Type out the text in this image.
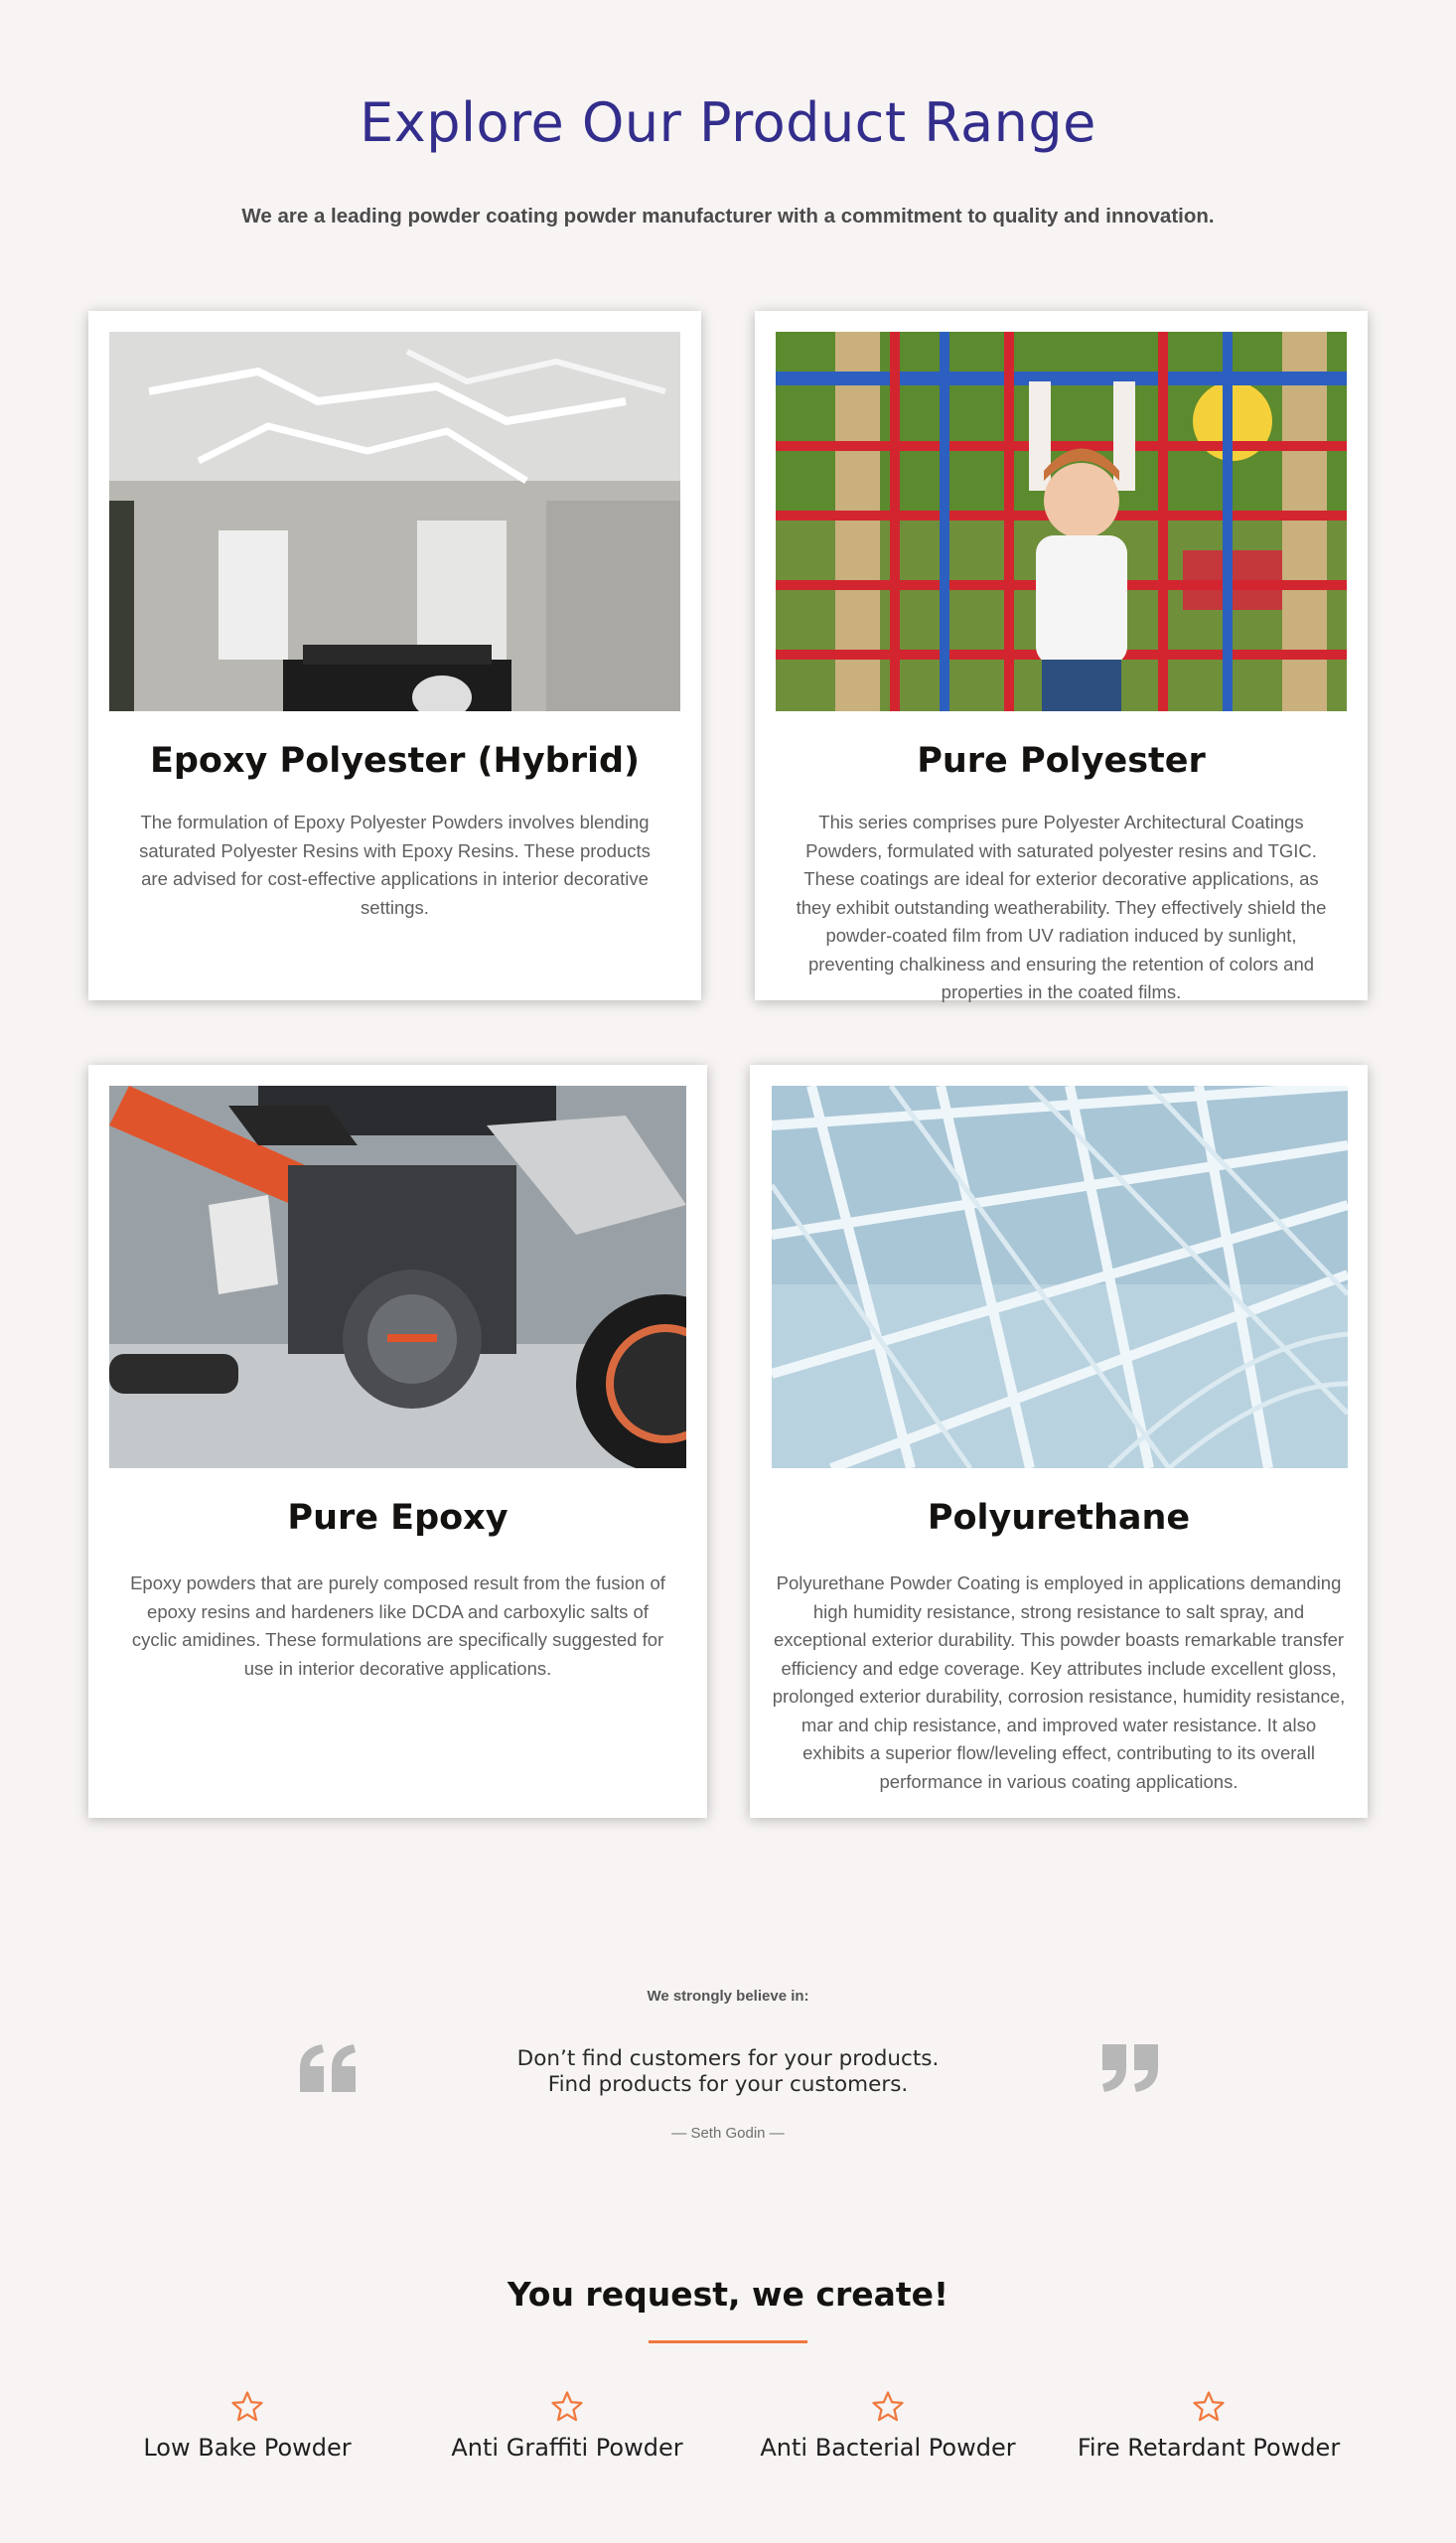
Explore Our Product Range
We are a leading powder coating powder manufacturer with a commitment to quality and innovation.
Epoxy Polyester (Hybrid)

The formulation of Epoxy Polyester Powders involves blending saturated Polyester Resins with Epoxy Resins. These products are advised for cost-effective applications in interior decorative settings.

Pure Polyester

This series comprises pure Polyester Architectural Coatings Powders, formulated with saturated polyester resins and TGIC. These coatings are ideal for exterior decorative applications, as they exhibit outstanding weatherability. They effectively shield the powder-coated film from UV radiation induced by sunlight, preventing chalkiness and ensuring the retention of colors and properties in the coated films.

Pure Epoxy

Epoxy powders that are purely composed result from the fusion of epoxy resins and hardeners like DCDA and carboxylic salts of cyclic amidines. These formulations are specifically suggested for use in interior decorative applications.

Polyurethane

Polyurethane Powder Coating is employed in applications demanding high humidity resistance, strong resistance to salt spray, and exceptional exterior durability. This powder boasts remarkable transfer efficiency and edge coverage. Key attributes include excellent gloss, prolonged exterior durability, corrosion resistance, humidity resistance, mar and chip resistance, and improved water resistance. It also exhibits a superior flow/leveling effect, contributing to its overall performance in various coating applications.

We strongly believe in:
Don’t find customers for your products.
Find products for your customers.
— Seth Godin —
You request, we create!
Low Bake Powder	Anti Graffiti Powder	Anti Bacterial Powder	Fire Retardant Powder
